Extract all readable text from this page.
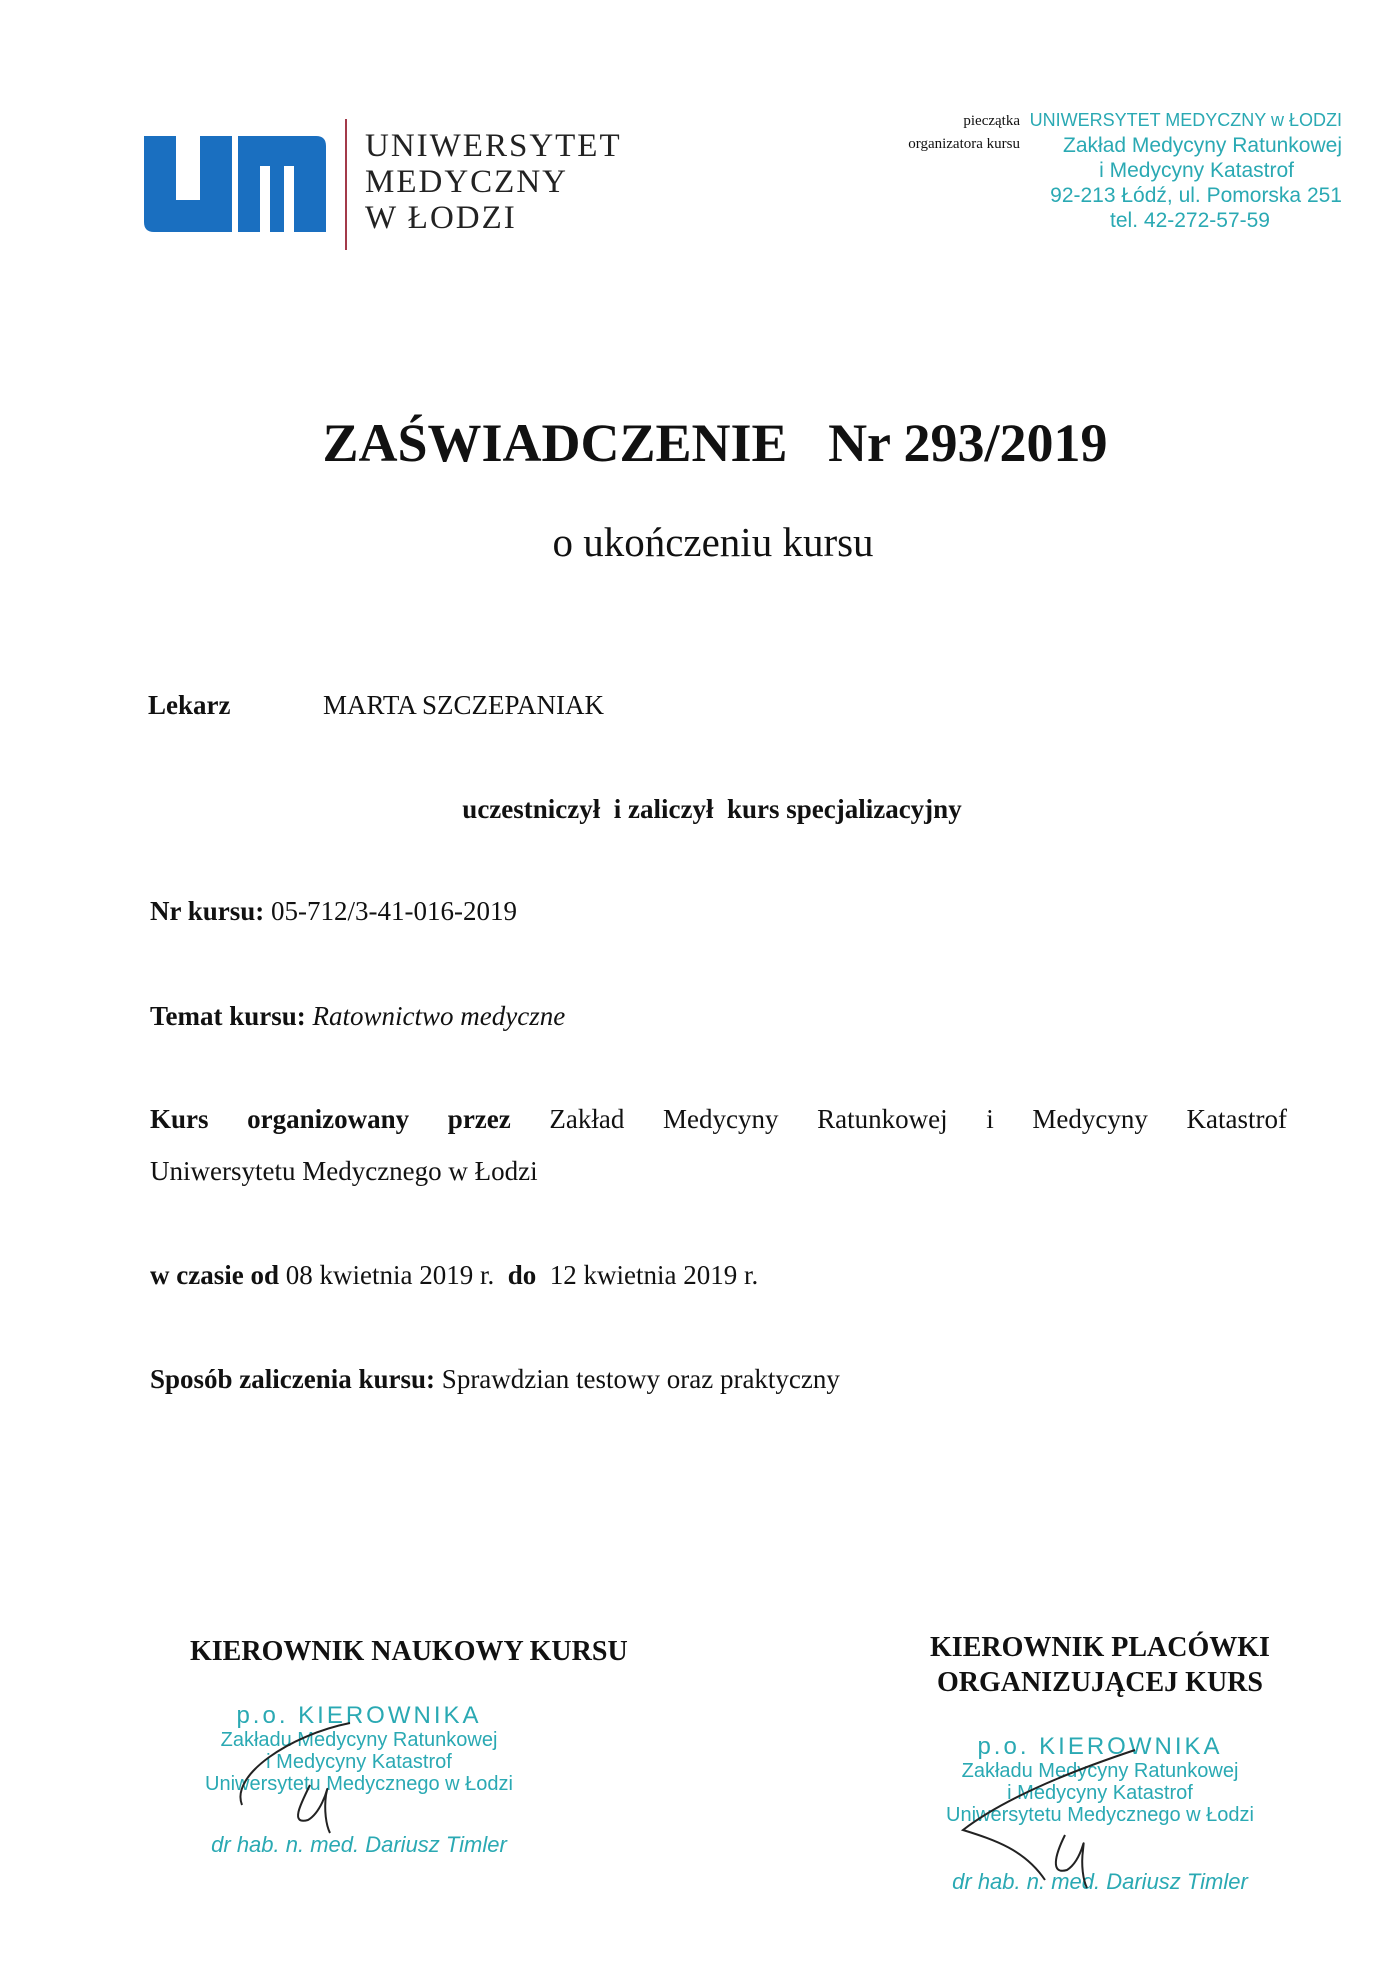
UNIWERSYTET
MEDYCZNY
W ŁODZI
UNIWERSYTET MEDYCZNY w ŁODZI
Zakład Medycyny Ratunkowej
i Medycyny Katastrof
92-213 Łódź, ul. Pomorska 251
tel. 42-272-57-59
pieczątka
organizatora kursu
ZAŚWIADCZENIE Nr 293/2019
o ukończeniu kursu
Lekarz	MARTA SZCZEPANIAK
uczestniczył  i zaliczył  kurs specjalizacyjny
Nr kursu: 05-712/3-41-016-2019
Temat kursu: Ratownictwo medyczne
Kurs organizowany przez Zakład Medycyny Ratunkowej i Medycyny Katastrof
Uniwersytetu Medycznego w Łodzi
w czasie od 08 kwietnia 2019 r. do 12 kwietnia 2019 r.
Sposób zaliczenia kursu: Sprawdzian testowy oraz praktyczny
KIEROWNIK NAUKOWY KURSU	KIEROWNIK PLACÓWKI
ORGANIZUJĄCEJ KURS
p.o. KIEROWNIKA
Zakładu Medycyny Ratunkowej
i Medycyny Katastrof
Uniwersytetu Medycznego w Łodzi
dr hab. n. med. Dariusz Timler
p.o. KIEROWNIKA
Zakładu Medycyny Ratunkowej
i Medycyny Katastrof
Uniwersytetu Medycznego w Łodzi
dr hab. n. med. Dariusz Timler
